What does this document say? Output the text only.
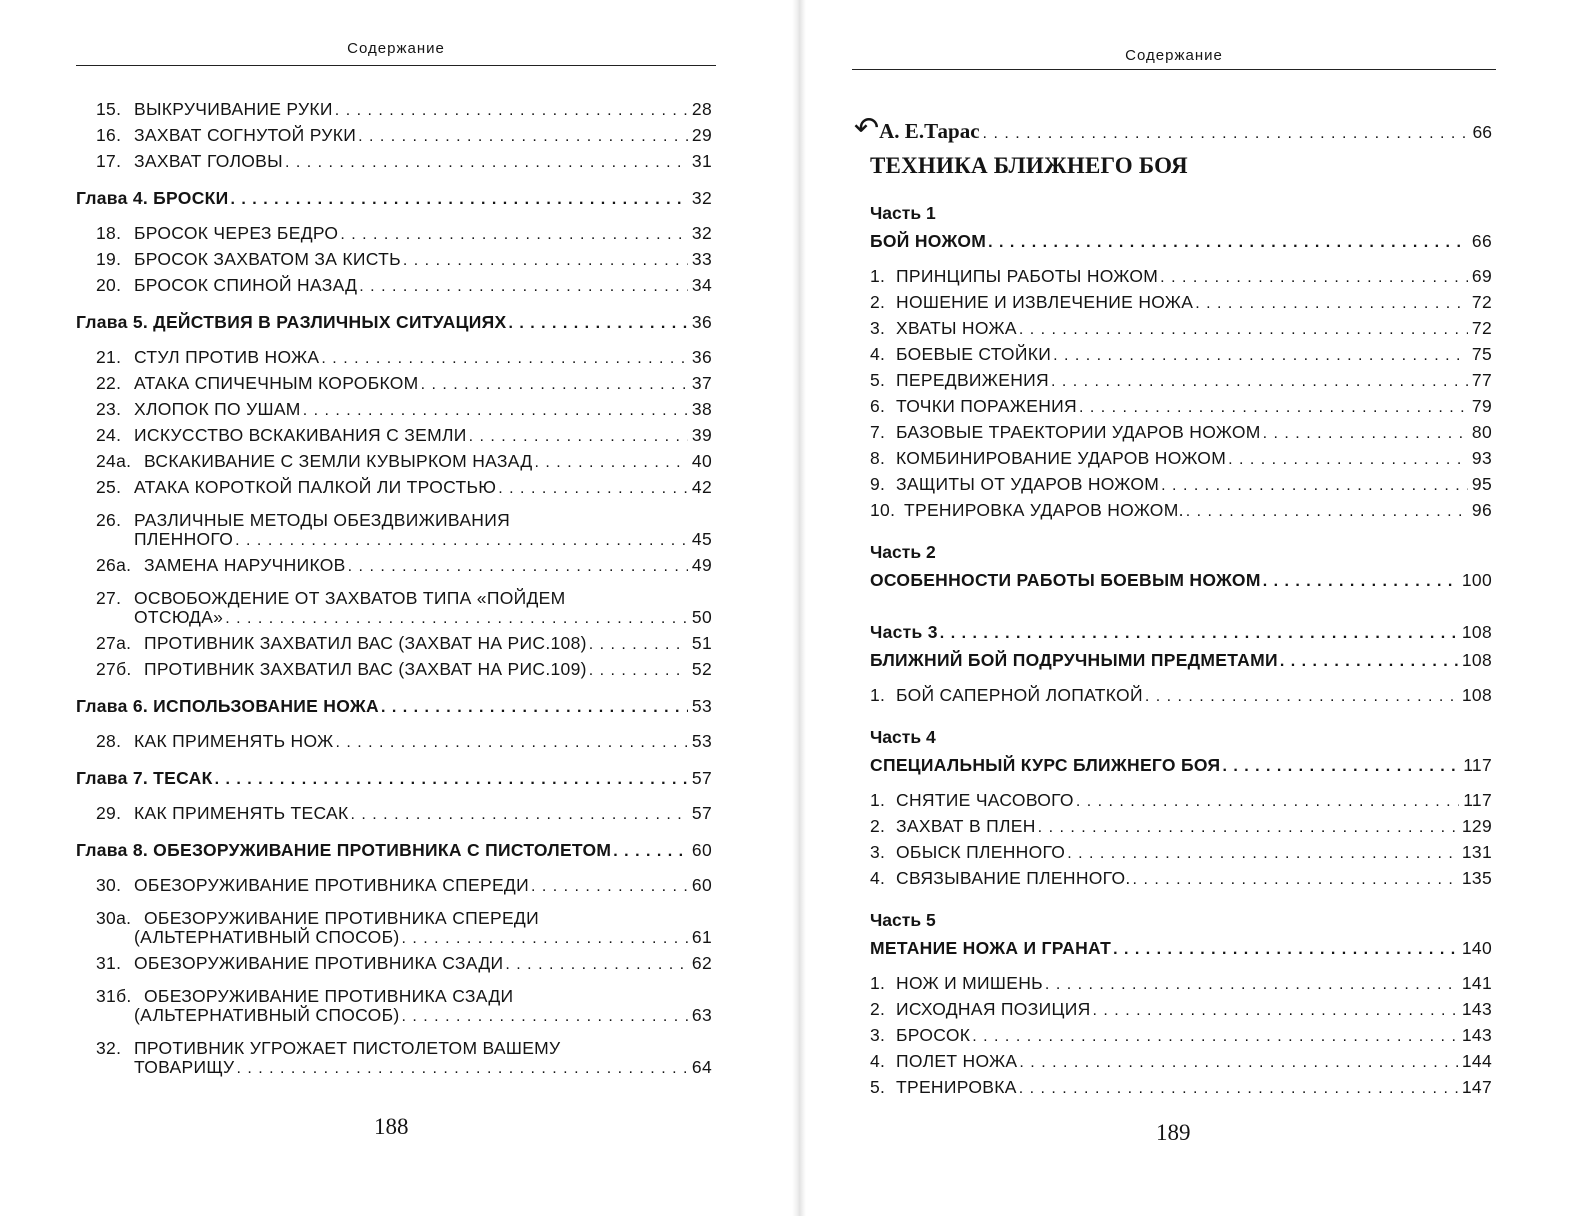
Содержание
15. ВЫКРУЧИВАНИЕ РУКИ . . .	28
16. ЗАХВАТ СОГНУТОЙ РУКИ . . .	29
17. ЗАХВАТ ГОЛОВЫ . . .	31
Глава 4. БРОСКИ . . .	32
18. БРОСОК ЧЕРЕЗ БЕДРО . . .	32
19. БРОСОК ЗАХВАТОМ ЗА КИСТЬ . . .	33
20. БРОСОК СПИНОЙ НАЗАД . . .	34
Глава 5. ДЕЙСТВИЯ В РАЗЛИЧНЫХ СИТУАЦИЯХ . . .	36
21. СТУЛ ПРОТИВ НОЖА . . .	36
22. АТАКА СПИЧЕЧНЫМ КОРОБКОМ . . .	37
23. ХЛОПОК ПО УШАМ . . .	38
24. ИСКУССТВО ВСКАКИВАНИЯ С ЗЕМЛИ . . .	39
24а. ВСКАКИВАНИЕ С ЗЕМЛИ КУВЫРКОМ НАЗАД . . .	40
25. АТАКА КОРОТКОЙ ПАЛКОЙ ЛИ ТРОСТЬЮ . . .	42
26. РАЗЛИЧНЫЕ МЕТОДЫ ОБЕЗДВИЖИВАНИЯ
ПЛЕННОГО . . .	45
26а. ЗАМЕНА НАРУЧНИКОВ . . .	49
27. ОСВОБОЖДЕНИЕ ОТ ЗАХВАТОВ ТИПА «ПОЙДЕМ
ОТСЮДА» . . .	50
27а. ПРОТИВНИК ЗАХВАТИЛ ВАС (ЗАХВАТ НА РИС.108) . . .	51
27б. ПРОТИВНИК ЗАХВАТИЛ ВАС (ЗАХВАТ НА РИС.109) . . .	52
Глава 6. ИСПОЛЬЗОВАНИЕ НОЖА . . .	53
28. КАК ПРИМЕНЯТЬ НОЖ . . .	53
Глава 7. ТЕСАК . . .	57
29. КАК ПРИМЕНЯТЬ ТЕСАК . . .	57
Глава 8. ОБЕЗОРУЖИВАНИЕ ПРОТИВНИКА С ПИСТОЛЕТОМ . . .	60
30. ОБЕЗОРУЖИВАНИЕ ПРОТИВНИКА СПЕРЕДИ . . .	60
30а. ОБЕЗОРУЖИВАНИЕ ПРОТИВНИКА СПЕРЕДИ
(АЛЬТЕРНАТИВНЫЙ СПОСОБ) . . .	61
31. ОБЕЗОРУЖИВАНИЕ ПРОТИВНИКА СЗАДИ . . .	62
31б. ОБЕЗОРУЖИВАНИЕ ПРОТИВНИКА СЗАДИ
(АЛЬТЕРНАТИВНЫЙ СПОСОБ) . . .	63
32. ПРОТИВНИК УГРОЖАЕТ ПИСТОЛЕТОМ ВАШЕМУ
ТОВАРИЩУ . . .	64
188
Содержание
↷ А. Е.Тарас . . .	66
ТЕХНИКА БЛИЖНЕГО БОЯ
Часть 1
БОЙ НОЖОМ . . .	66
1. ПРИНЦИПЫ РАБОТЫ НОЖОМ . . .	69
2. НОШЕНИЕ И ИЗВЛЕЧЕНИЕ НОЖА . . .	72
3. ХВАТЫ НОЖА . . .	72
4. БОЕВЫЕ СТОЙКИ . . .	75
5. ПЕРЕДВИЖЕНИЯ . . .	77
6. ТОЧКИ ПОРАЖЕНИЯ . . .	79
7. БАЗОВЫЕ ТРАЕКТОРИИ УДАРОВ НОЖОМ . . .	80
8. КОМБИНИРОВАНИЕ УДАРОВ НОЖОМ . . .	93
9. ЗАЩИТЫ ОТ УДАРОВ НОЖОМ . . .	95
10. ТРЕНИРОВКА УДАРОВ НОЖОМ. . . .	96
Часть 2
ОСОБЕННОСТИ РАБОТЫ БОЕВЫМ НОЖОМ . . .	100
Часть 3 . . .	108
БЛИЖНИЙ БОЙ ПОДРУЧНЫМИ ПРЕДМЕТАМИ . . .	108
1. БОЙ САПЕРНОЙ ЛОПАТКОЙ . . .	108
Часть 4
СПЕЦИАЛЬНЫЙ КУРС БЛИЖНЕГО БОЯ . . .	117
1. СНЯТИЕ ЧАСОВОГО . . .	117
2. ЗАХВАТ В ПЛЕН . . .	129
3. ОБЫСК ПЛЕННОГО . . .	131
4. СВЯЗЫВАНИЕ ПЛЕННОГО. . . .	135
Часть 5
МЕТАНИЕ НОЖА И ГРАНАТ . . .	140
1. НОЖ И МИШЕНЬ . . .	141
2. ИСХОДНАЯ ПОЗИЦИЯ . . .	143
3. БРОСОК . . .	143
4. ПОЛЕТ НОЖА . . .	144
5. ТРЕНИРОВКА . . .	147
189
